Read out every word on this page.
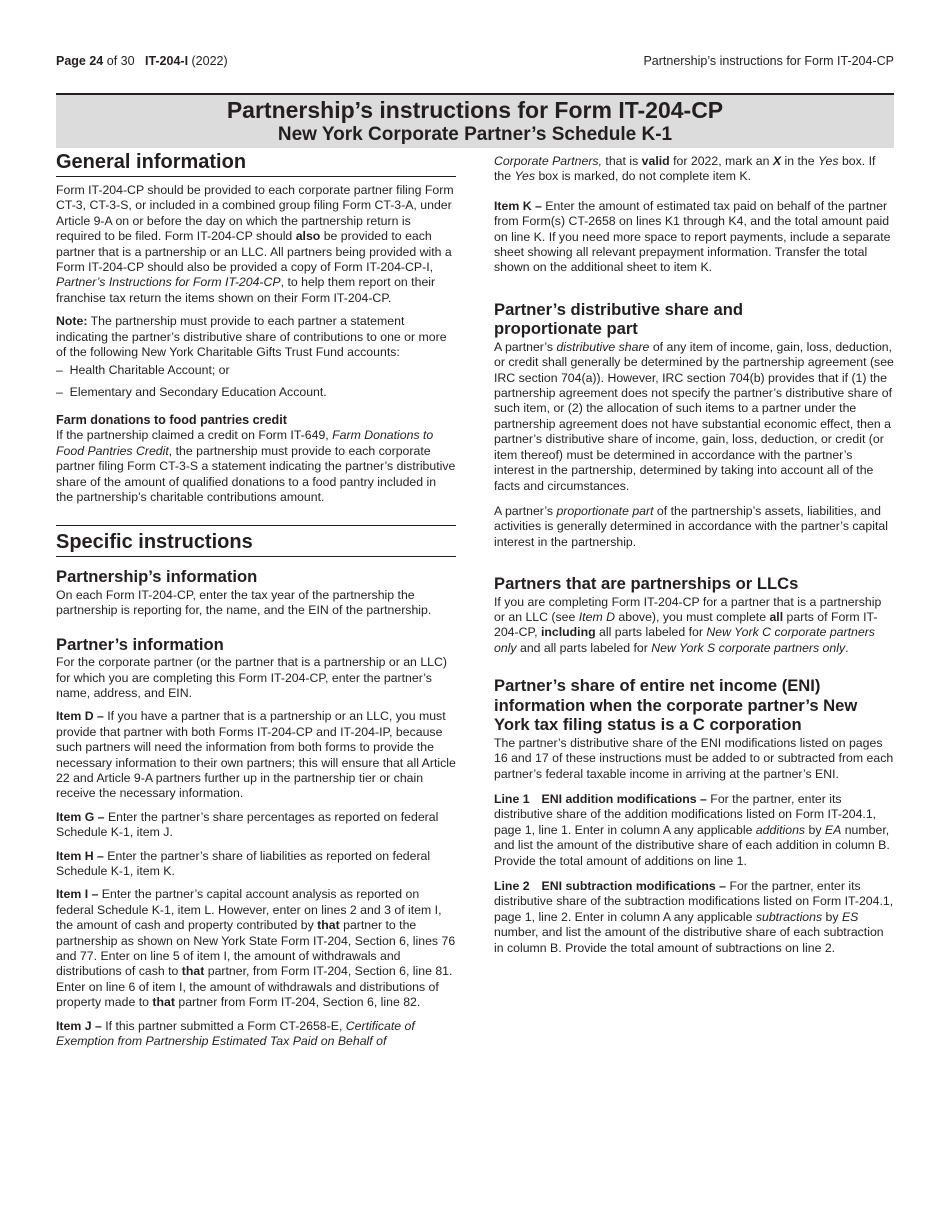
Page 24 of 30 IT-204-I (2022)	Partnership’s instructions for Form IT-204-CP
Partnership’s instructions for Form IT-204-CP
New York Corporate Partner’s Schedule K-1
General information

Form IT-204-CP should be provided to each corporate partner filing Form CT-3, CT-3-S, or included in a combined group filing Form CT-3-A, under Article 9-A on or before the day on which the partnership return is required to be filed. Form IT-204-CP should also be provided to each partner that is a partnership or an LLC. All partners being provided with a Form IT-204-CP should also be provided a copy of Form IT-204-CP-I, Partner’s Instructions for Form IT-204-CP, to help them report on their franchise tax return the items shown on their Form IT-204-CP.

Note: The partnership must provide to each partner a statement indicating the partner’s distributive share of contributions to one or more of the following New York Charitable Gifts Trust Fund accounts:

–  Health Charitable Account; or
–  Elementary and Secondary Education Account.
Farm donations to food pantries credit

If the partnership claimed a credit on Form IT-649, Farm Donations to Food Pantries Credit, the partnership must provide to each corporate partner filing Form CT-3-S a statement indicating the partner’s distributive share of the amount of qualified donations to a food pantry included in the partnership’s charitable contributions amount.

Specific instructions
Partnership’s information

On each Form IT-204-CP, enter the tax year of the partnership the partnership is reporting for, the name, and the EIN of the partnership.

Partner’s information

For the corporate partner (or the partner that is a partnership or an LLC) for which you are completing this Form IT-204-CP, enter the partner’s name, address, and EIN.

Item D – If you have a partner that is a partnership or an LLC, you must provide that partner with both Forms IT-204-CP and IT-204-IP, because such partners will need the information from both forms to provide the necessary information to their own partners; this will ensure that all Article 22 and Article 9-A partners further up in the partnership tier or chain receive the necessary information.

Item G – Enter the partner’s share percentages as reported on federal Schedule K-1, item J.

Item H – Enter the partner’s share of liabilities as reported on federal Schedule K-1, item K.

Item I – Enter the partner’s capital account analysis as reported on federal Schedule K-1, item L. However, enter on lines 2 and 3 of item I, the amount of cash and property contributed by that partner to the partnership as shown on New York State Form IT-204, Section 6, lines 76 and 77. Enter on line 5 of item I, the amount of withdrawals and distributions of cash to that partner, from Form IT-204, Section 6, line 81. Enter on line 6 of item I, the amount of withdrawals and distributions of property made to that partner from Form IT-204, Section 6, line 82.

Item J – If this partner submitted a Form CT-2658-E, Certificate of Exemption from Partnership Estimated Tax Paid on Behalf of

Corporate Partners, that is valid for 2022, mark an X in the Yes box. If the Yes box is marked, do not complete item K.

Item K – Enter the amount of estimated tax paid on behalf of the partner from Form(s) CT-2658 on lines K1 through K4, and the total amount paid on line K. If you need more space to report payments, include a separate sheet showing all relevant prepayment information. Transfer the total shown on the additional sheet to item K.

Partner’s distributive share and proportionate part

A partner’s distributive share of any item of income, gain, loss, deduction, or credit shall generally be determined by the partnership agreement (see IRC section 704(a)). However, IRC section 704(b) provides that if (1) the partnership agreement does not specify the partner’s distributive share of such item, or (2) the allocation of such items to a partner under the partnership agreement does not have substantial economic effect, then a partner’s distributive share of income, gain, loss, deduction, or credit (or item thereof) must be determined in accordance with the partner’s interest in the partnership, determined by taking into account all of the facts and circumstances.

A partner’s proportionate part of the partnership’s assets, liabilities, and activities is generally determined in accordance with the partner’s capital interest in the partnership.

Partners that are partnerships or LLCs

If you are completing Form IT-204-CP for a partner that is a partnership or an LLC (see Item D above), you must complete all parts of Form IT-204-CP, including all parts labeled for New York C corporate partners only and all parts labeled for New York S corporate partners only.

Partner’s share of entire net income (ENI) information when the corporate partner’s New York tax filing status is a C corporation

The partner’s distributive share of the ENI modifications listed on pages 16 and 17 of these instructions must be added to or subtracted from each partner’s federal taxable income in arriving at the partner’s ENI.

Line 1 ENI addition modifications – For the partner, enter its distributive share of the addition modifications listed on Form IT-204.1, page 1, line 1. Enter in column A any applicable additions by EA number, and list the amount of the distributive share of each addition in column B. Provide the total amount of additions on line 1.

Line 2 ENI subtraction modifications – For the partner, enter its distributive share of the subtraction modifications listed on Form IT-204.1, page 1, line 2. Enter in column A any applicable subtractions by ES number, and list the amount of the distributive share of each subtraction in column B. Provide the total amount of subtractions on line 2.
